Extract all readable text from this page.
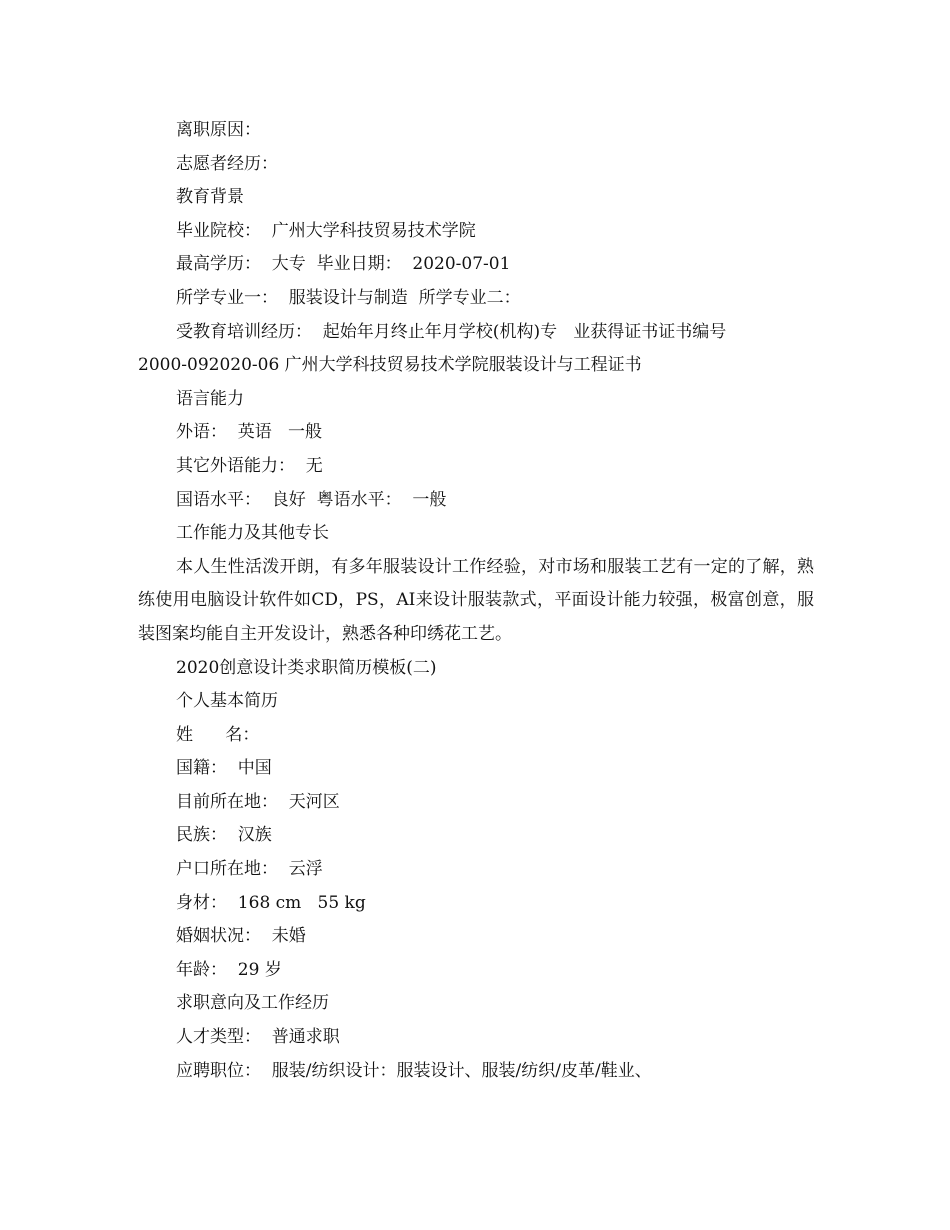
离职原因：
志愿者经历：
教育背景
毕业院校：  广州大学科技贸易技术学院
最高学历：  大专  毕业日期：  2020-07-01
所学专业一：  服装设计与制造  所学专业二：
受教育培训经历：  起始年月终止年月学校(机构)专   业获得证书证书编号
2000-092020-06 广州大学科技贸易技术学院服装设计与工程证书
语言能力
外语：  英语   一般
其它外语能力：  无
国语水平：  良好  粤语水平：  一般
工作能力及其他专长
本人生性活泼开朗，有多年服装设计工作经验，对市场和服装工艺有一定的了解，熟练使用电脑设计软件如CD，PS，AI来设计服装款式，平面设计能力较强，极富创意，服装图案均能自主开发设计，熟悉各种印绣花工艺。
2020创意设计类求职简历模板(二)
个人基本简历
姓      名：
国籍：  中国
目前所在地：  天河区
民族：  汉族
户口所在地：  云浮
身材：  168 cm   55 kg
婚姻状况：  未婚
年龄：  29 岁
求职意向及工作经历
人才类型：  普通求职
应聘职位：  服装/纺织设计：服装设计、服装/纺织/皮革/鞋业、
